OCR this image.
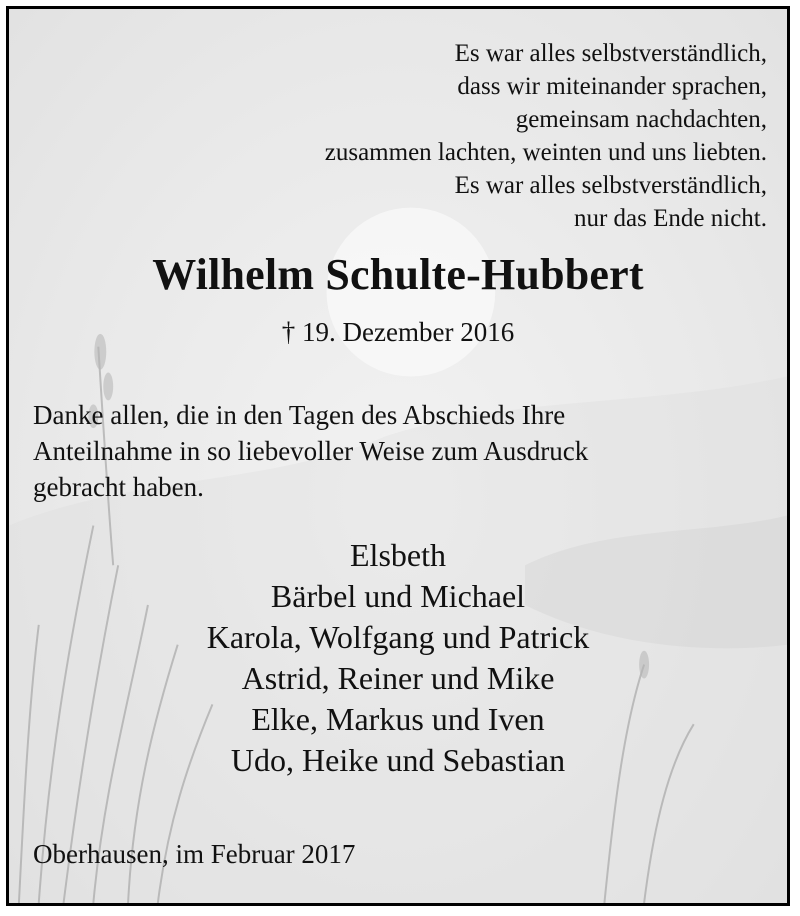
Es war alles selbstverständlich,
dass wir miteinander sprachen,
gemeinsam nachdachten,
zusammen lachten, weinten und uns liebten.
Es war alles selbstverständlich,
nur das Ende nicht.
Wilhelm Schulte-Hubbert
† 19. Dezember 2016
Danke allen, die in den Tagen des Abschieds Ihre
Anteilnahme in so liebevoller Weise zum Ausdruck
gebracht haben.
Elsbeth
Bärbel und Michael
Karola, Wolfgang und Patrick
Astrid, Reiner und Mike
Elke, Markus und Iven
Udo, Heike und Sebastian
Oberhausen, im Februar 2017
